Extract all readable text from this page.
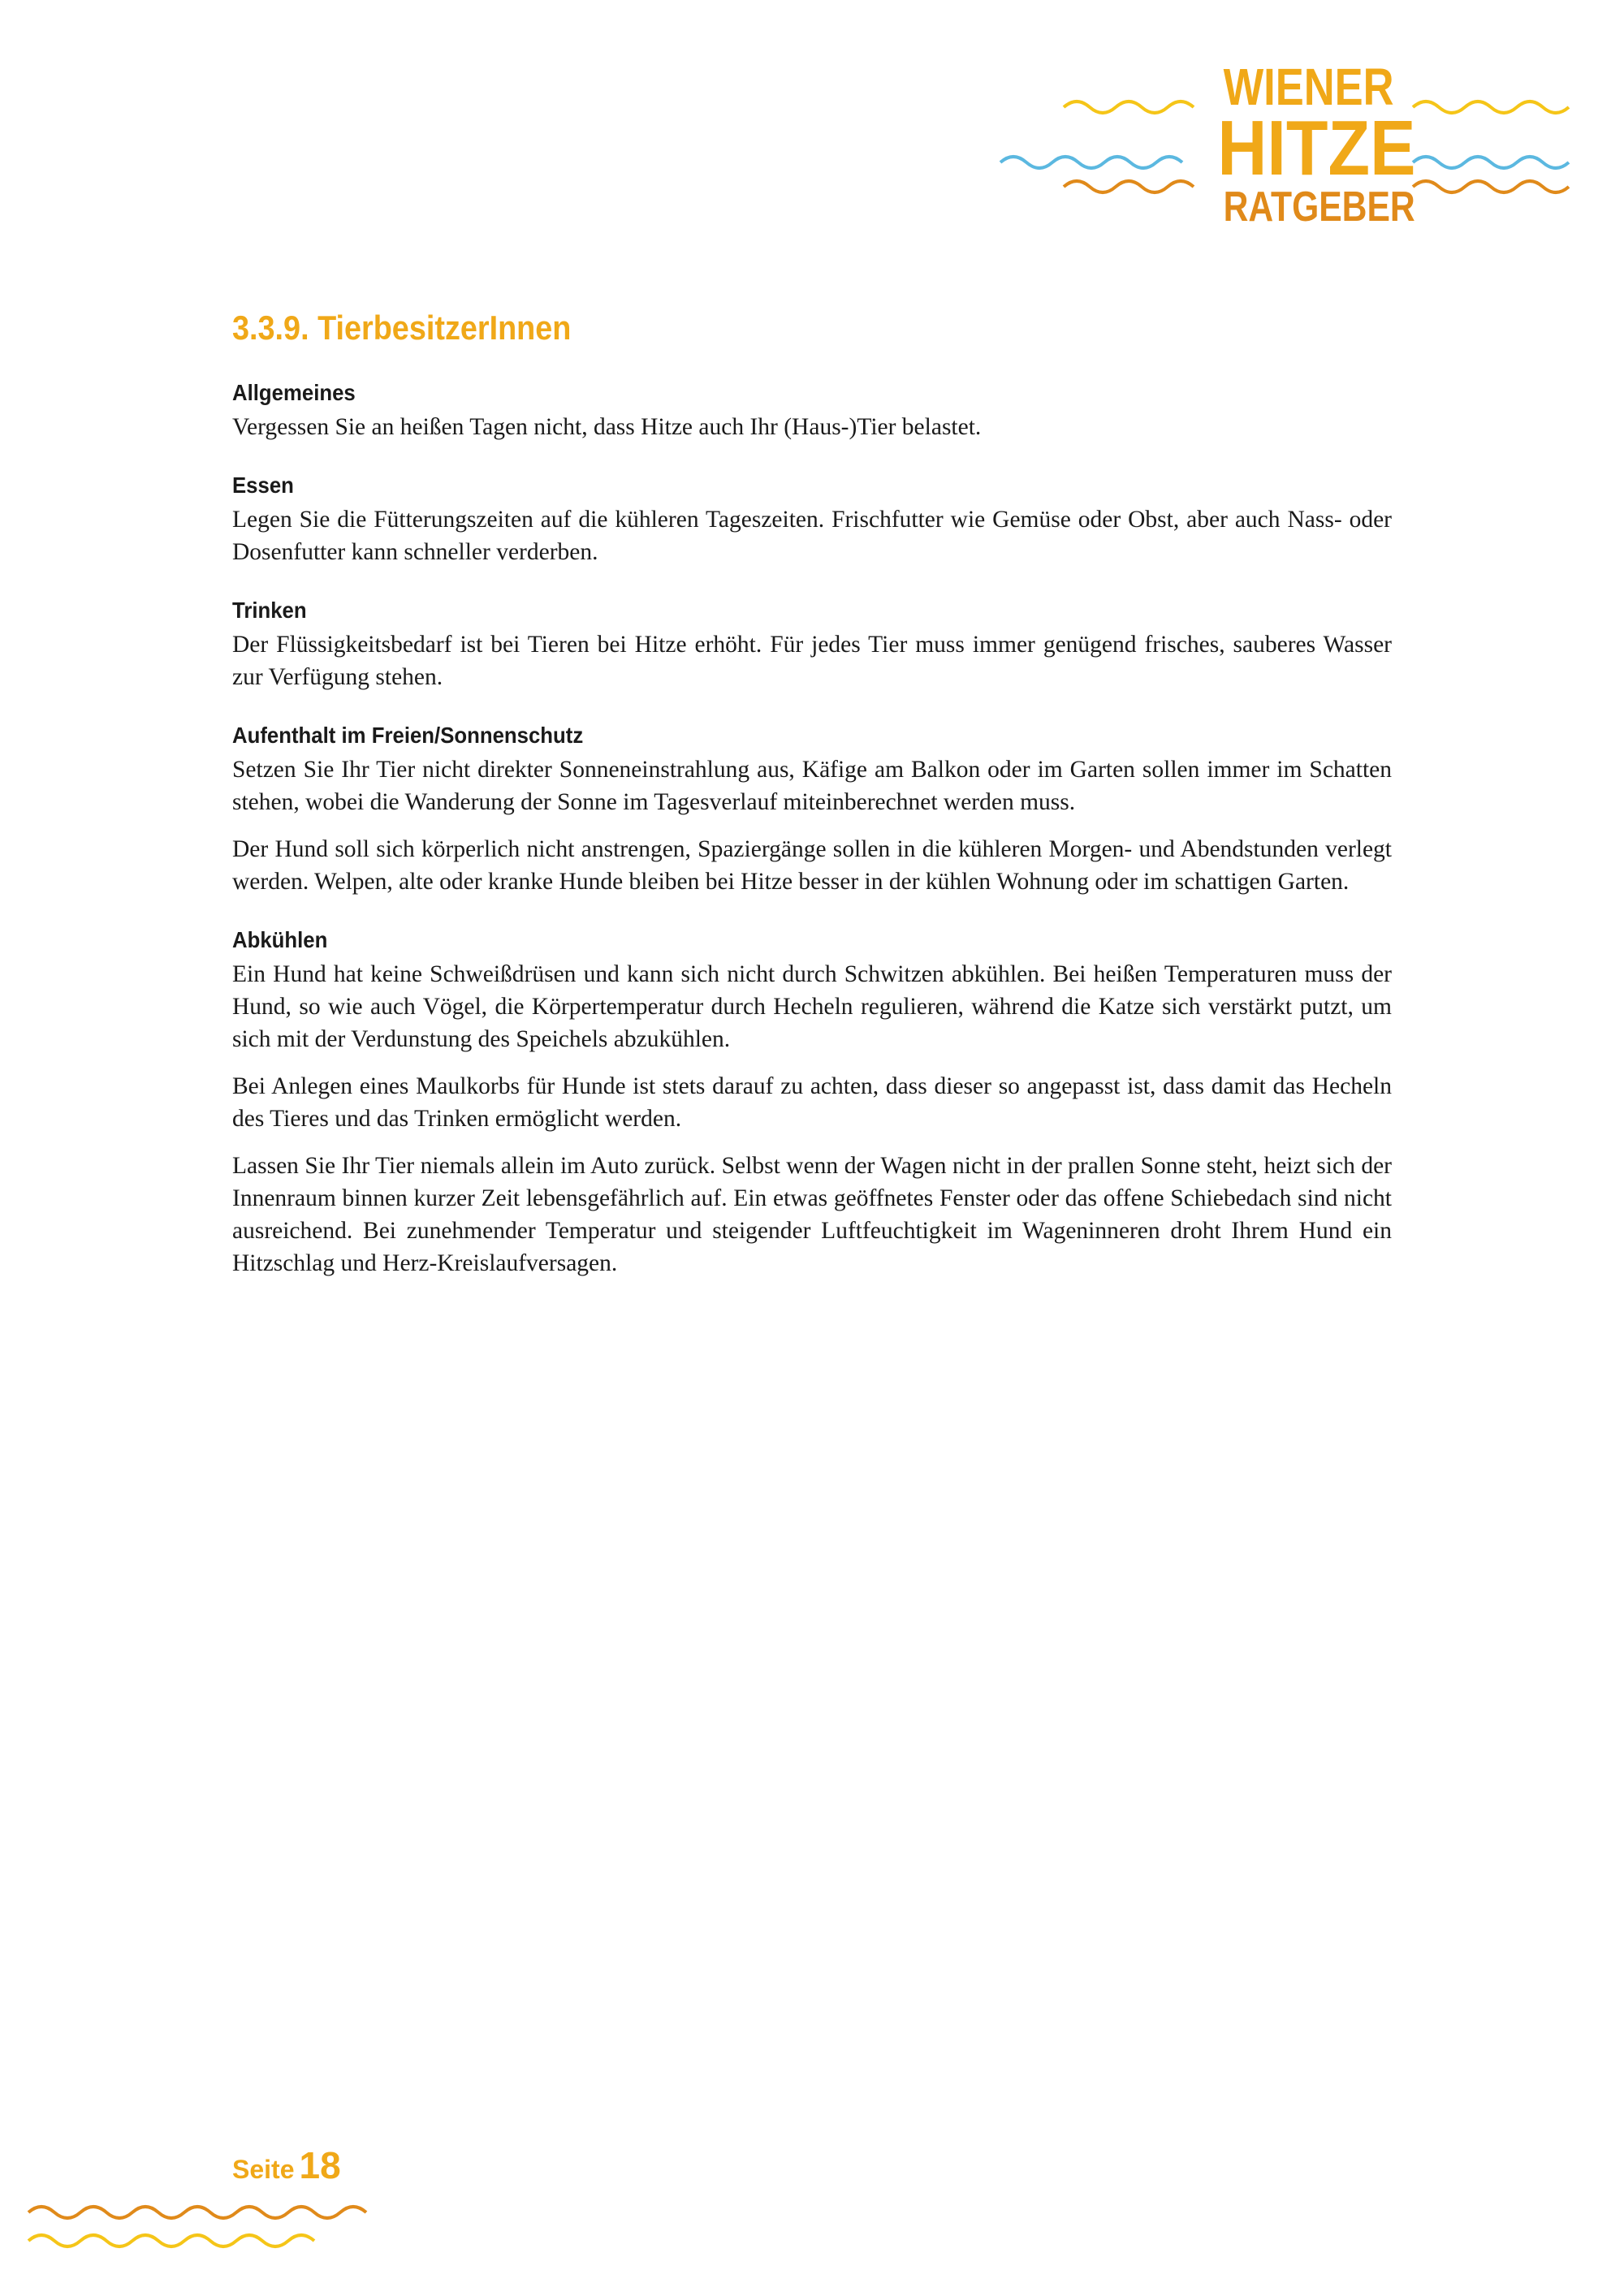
WIENER
HITZE
RATGEBER
3.3.9. TierbesitzerInnen
Allgemeines

Vergessen Sie an heißen Tagen nicht, dass Hitze auch Ihr (Haus-)Tier belastet.

Essen

Legen Sie die Fütterungszeiten auf die kühleren Tageszeiten. Frischfutter wie Gemüse oder Obst, aber auch Nass- oder Dosenfutter kann schneller verderben.

Trinken

Der Flüssigkeitsbedarf ist bei Tieren bei Hitze erhöht. Für jedes Tier muss immer genügend frisches, sauberes Wasser zur Verfügung stehen.

Aufenthalt im Freien/Sonnenschutz

Setzen Sie Ihr Tier nicht direkter Sonneneinstrahlung aus, Käfige am Balkon oder im Garten sollen immer im Schatten stehen, wobei die Wanderung der Sonne im Tagesverlauf miteinberechnet werden muss.

Der Hund soll sich körperlich nicht anstrengen, Spaziergänge sollen in die kühleren Morgen- und Abendstunden verlegt werden. Welpen, alte oder kranke Hunde bleiben bei Hitze besser in der kühlen Wohnung oder im schattigen Garten.

Abkühlen

Ein Hund hat keine Schweißdrüsen und kann sich nicht durch Schwitzen abkühlen. Bei heißen Temperaturen muss der Hund, so wie auch Vögel, die Körpertemperatur durch Hecheln regulieren, während die Katze sich verstärkt putzt, um sich mit der Verdunstung des Speichels abzukühlen.

Bei Anlegen eines Maulkorbs für Hunde ist stets darauf zu achten, dass dieser so angepasst ist, dass damit das Hecheln des Tieres und das Trinken ermöglicht werden.

Lassen Sie Ihr Tier niemals allein im Auto zurück. Selbst wenn der Wagen nicht in der prallen Sonne steht, heizt sich der Innenraum binnen kurzer Zeit lebensgefährlich auf. Ein etwas geöffnetes Fenster oder das offene Schiebedach sind nicht ausreichend. Bei zunehmender Temperatur und steigender Luftfeuchtigkeit im Wageninneren droht Ihrem Hund ein Hitzschlag und Herz-Kreislaufversagen.

Seite 18
